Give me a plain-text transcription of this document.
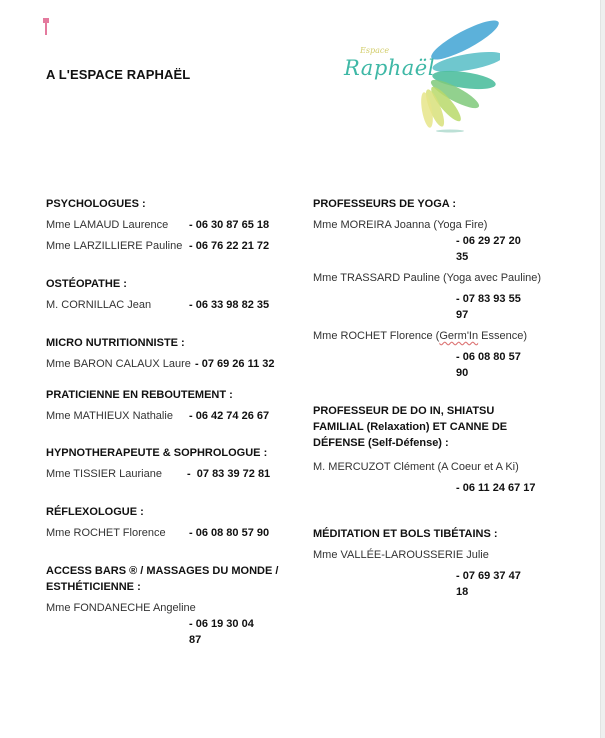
A L'ESPACE RAPHAËL
Espace
Raphaël
PSYCHOLOGUES :
Mme LAMAUD Laurence	- 06 30 87 65 18
Mme LARZILLIERE Pauline - 06 76 22 21 72
OSTÉOPATHE :
M. CORNILLAC Jean	- 06 33 98 82 35
MICRO NUTRITIONNISTE :
Mme BARON CALAUX Laure - 07 69 26 11 32
PRATICIENNE EN REBOUTEMENT :
Mme MATHIEUX Nathalie	- 06 42 74 26 67
HYPNOTHERAPEUTE & SOPHROLOGUE :
Mme TISSIER Lauriane	-  07 83 39 72 81
RÉFLEXOLOGUE :
Mme ROCHET Florence	- 06 08 80 57 90
ACCESS BARS ® / MASSAGES DU MONDE / ESTHÉTICIENNE :
Mme FONDANECHE Angeline
- 06 19 30 04 87
PROFESSEURS DE YOGA :
Mme MOREIRA Joanna (Yoga Fire)
- 06 29 27 20 35
Mme TRASSARD Pauline (Yoga avec Pauline)
- 07 83 93 55 97
Mme ROCHET Florence (Germ'In Essence)
- 06 08 80 57 90
PROFESSEUR DE DO IN, SHIATSU FAMILIAL (Relaxation) ET CANNE DE DÉFENSE (Self-Défense) :
M. MERCUZOT Clément (A Coeur et A Ki)
- 06 11 24 67 17
MÉDITATION ET BOLS TIBÉTAINS :
Mme VALLÉE-LAROUSSERIE Julie
- 07 69 37 47 18
